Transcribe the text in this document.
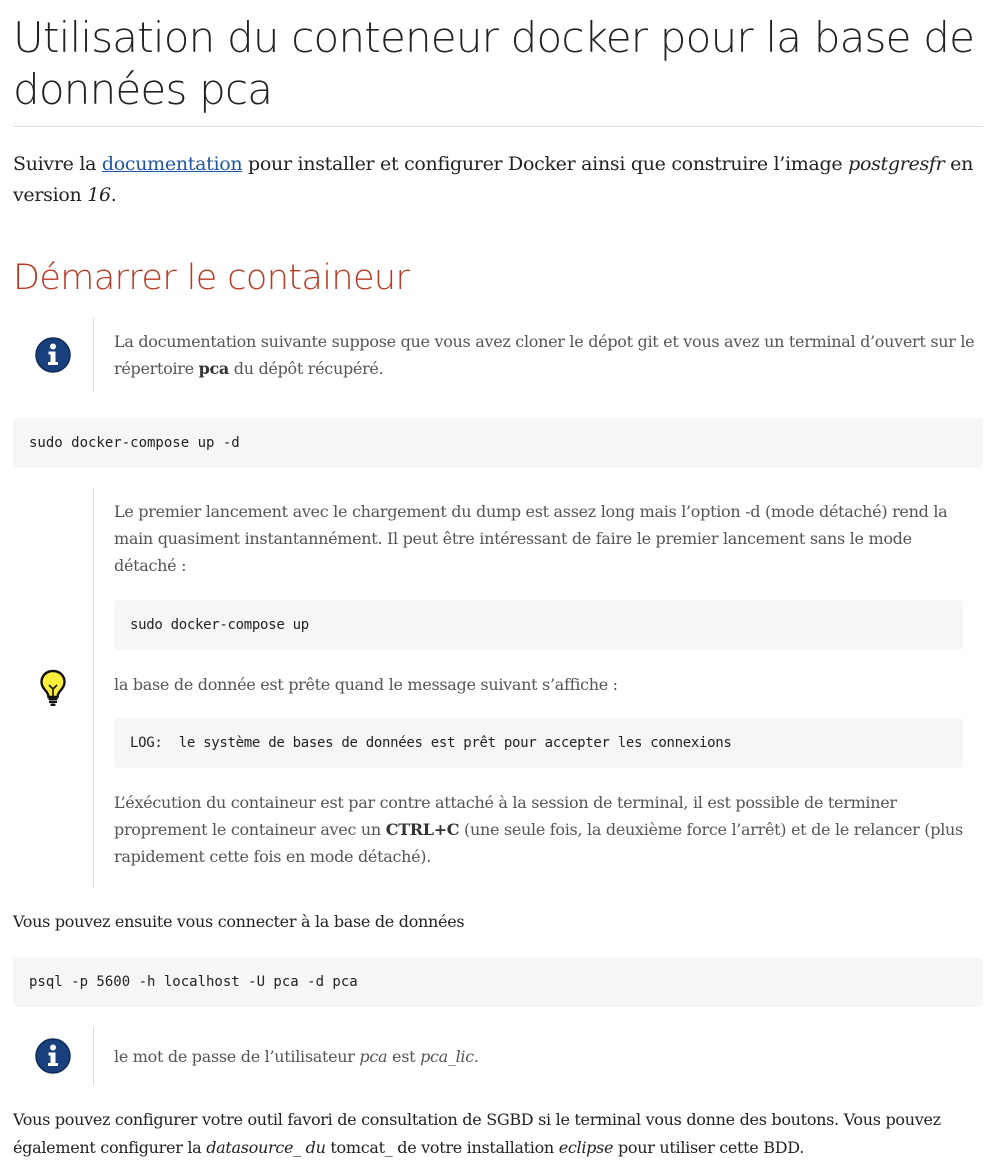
Utilisation du conteneur docker pour la base de données pca

Suivre la documentation pour installer et configurer Docker ainsi que construire l’image postgresfr en version 16.

Démarrer le containeur

La documentation suivante suppose que vous avez cloner le dépot git et vous avez un terminal d’ouvert sur le répertoire pca du dépôt récupéré.

sudo docker-compose up -d

Le premier lancement avec le chargement du dump est assez long mais l’option -d (mode détaché) rend la main quasiment instantannément. Il peut être intéressant de faire le premier lancement sans le mode détaché :

sudo docker-compose up

la base de donnée est prête quand le message suivant s’affiche :

LOG:  le système de bases de données est prêt pour accepter les connexions

L’éxécution du containeur est par contre attaché à la session de terminal, il est possible de terminer proprement le containeur avec un CTRL+C (une seule fois, la deuxième force l’arrêt) et de le relancer (plus rapidement cette fois en mode détaché).

Vous pouvez ensuite vous connecter à la base de données

psql -p 5600 -h localhost -U pca -d pca

le mot de passe de l’utilisateur pca est pca_lic.

Vous pouvez configurer votre outil favori de consultation de SGBD si le terminal vous donne des boutons. Vous pouvez également configurer la datasource_ du tomcat_ de votre installation eclipse pour utiliser cette BDD.
